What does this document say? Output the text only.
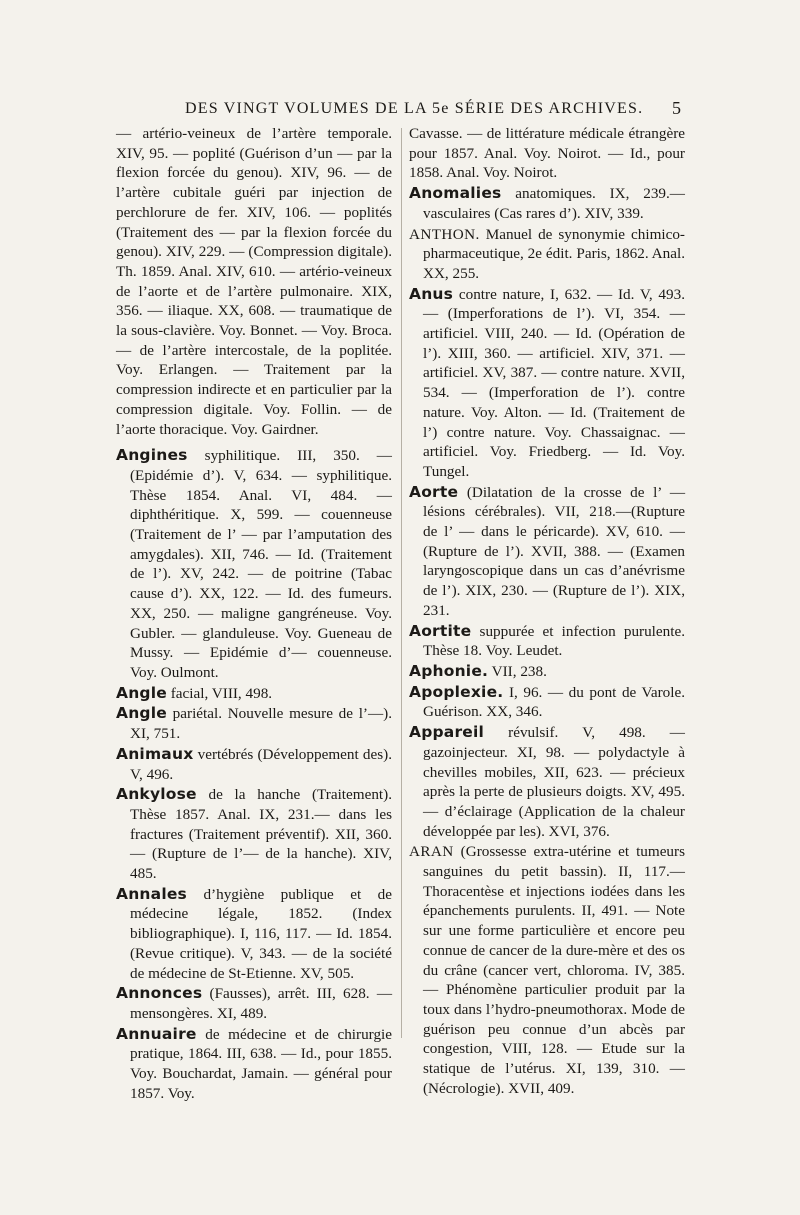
DES VINGT VOLUMES DE LA 5e SÉRIE DES ARCHIVES. 5

— artério-veineux de l’artère temporale. XIV, 95. — poplité (Guérison d’un — par la flexion forcée du genou). XIV, 96. — de l’artère cubitale guéri par injection de perchlorure de fer. XIV, 106. — poplités (Traitement des — par la flexion forcée du genou). XIV, 229. — (Compression digitale). Th. 1859. Anal. XIV, 610. — artério-veineux de l’aorte et de l’artère pulmonaire. XIX, 356. — iliaque. XX, 608. — traumatique de la sous-clavière. Voy. Bonnet. — Voy. Broca. — de l’artère intercostale, de la poplitée. Voy. Erlangen. — Traitement par la compression indirecte et en particulier par la compression digitale. Voy. Follin. — de l’aorte thoracique. Voy. Gairdner.

Angines syphilitique. III, 350. — (Epidémie d’). V, 634. — syphilitique. Thèse 1854. Anal. VI, 484. — diphthéritique. X, 599. — couenneuse (Traitement de l’ — par l’amputation des amygdales). XII, 746. — Id. (Traitement de l’). XV, 242. — de poitrine (Tabac cause d’). XX, 122. — Id. des fumeurs. XX, 250. — maligne gangréneuse. Voy. Gubler. — glanduleuse. Voy. Gueneau de Mussy. — Epidémie d’— couenneuse. Voy. Oulmont.

Angle facial, VIII, 498.

Angle pariétal. Nouvelle mesure de l’—). XI, 751.

Animaux vertébrés (Développement des). V, 496.

Ankylose de la hanche (Traitement). Thèse 1857. Anal. IX, 231.— dans les fractures (Traitement préventif). XII, 360. — (Rupture de l’— de la hanche). XIV, 485.

Annales d’hygiène publique et de médecine légale, 1852. (Index bibliographique). I, 116, 117. — Id. 1854. (Revue critique). V, 343. — de la société de médecine de St-Etienne. XV, 505.

Annonces (Fausses), arrêt. III, 628. — mensongères. XI, 489.

Annuaire de médecine et de chirurgie pratique, 1864. III, 638. — Id., pour 1855. Voy. Bouchardat, Jamain. — général pour 1857. Voy.

Cavasse. — de littérature médicale étrangère pour 1857. Anal. Voy. Noirot. — Id., pour 1858. Anal. Voy. Noirot.

Anomalies anatomiques. IX, 239.— vasculaires (Cas rares d’). XIV, 339.

ANTHON. Manuel de synonymie chimico-pharmaceutique, 2e édit. Paris, 1862. Anal. XX, 255.

Anus contre nature, I, 632. — Id. V, 493. — (Imperforations de l’). VI, 354. — artificiel. VIII, 240. — Id. (Opération de l’). XIII, 360. — artificiel. XIV, 371. — artificiel. XV, 387. — contre nature. XVII, 534. — (Imperforation de l’). contre nature. Voy. Alton. — Id. (Traitement de l’) contre nature. Voy. Chassaignac. — artificiel. Voy. Friedberg. — Id. Voy. Tungel.

Aorte (Dilatation de la crosse de l’ — lésions cérébrales). VII, 218.—(Rupture de l’ — dans le péricarde). XV, 610. — (Rupture de l’). XVII, 388. — (Examen laryngoscopique dans un cas d’anévrisme de l’). XIX, 230. — (Rupture de l’). XIX, 231.

Aortite suppurée et infection purulente. Thèse 18. Voy. Leudet.

Aphonie. VII, 238.

Apoplexie. I, 96. — du pont de Varole. Guérison. XX, 346.

Appareil révulsif. V, 498. — gazoinjecteur. XI, 98. — polydactyle à chevilles mobiles, XII, 623. — précieux après la perte de plusieurs doigts. XV, 495. — d’éclairage (Application de la chaleur développée par les). XVI, 376.

ARAN (Grossesse extra-utérine et tumeurs sanguines du petit bassin). II, 117.— Thoracentèse et injections iodées dans les épanchements purulents. II, 491. — Note sur une forme particulière et encore peu connue de cancer de la dure-mère et des os du crâne (cancer vert, chloroma. IV, 385. — Phénomène particulier produit par la toux dans l’hydro-pneumothorax. Mode de guérison peu connue d’un abcès par congestion, VIII, 128. — Etude sur la statique de l’utérus. XI, 139, 310. — (Nécrologie). XVII, 409.
